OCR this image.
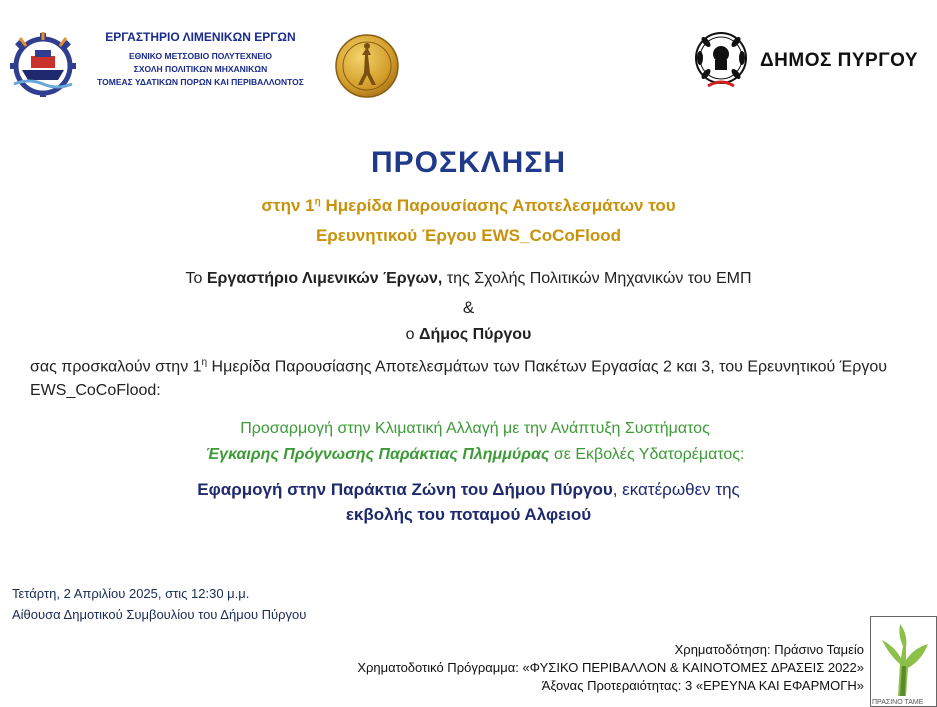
ΕΡΓΑΣΤΗΡΙΟ ΛΙΜΕΝΙΚΩΝ ΕΡΓΩΝ
ΕΘΝΙΚΟ ΜΕΤΣΟΒΙΟ ΠΟΛΥΤΕΧΝΕΙΟ
ΣΧΟΛΗ ΠΟΛΙΤΙΚΩΝ ΜΗΧΑΝΙΚΩΝ
ΤΟΜΕΑΣ ΥΔΑΤΙΚΩΝ ΠΟΡΩΝ ΚΑΙ ΠΕΡΙΒΑΛΛΟΝΤΟΣ
ΔΗΜΟΣ ΠΥΡΓΟΥ
ΠΡΟΣΚΛΗΣΗ
στην $1^\eta$ Ημερίδα Παρουσίασης Αποτελεσμάτων του
Ερευνητικού Έργου EWS_CoCoFlood
Το Εργαστήριο Λιμενικών Έργων, της Σχολής Πολιτικών Μηχανικών του ΕΜΠ
&
ο Δήμος Πύργου
σας προσκαλούν στην $1^\eta$ Ημερίδα Παρουσίασης Αποτελεσμάτων των Πακέτων Εργασίας 2 και 3, του Ερευνητικού Έργου EWS_CoCoFlood:
Προσαρμογή στην Κλιματική Αλλαγή με την Ανάπτυξη Συστήματος
Έγκαιρης Πρόγνωσης Παράκτιας Πλημμύρας σε Εκβολές Υδατορέματος:
Εφαρμογή στην Παράκτια Ζώνη του Δήμου Πύργου, εκατέρωθεν της
εκβολής του ποταμού Αλφειού
Τετάρτη, 2 Απριλίου 2025, στις 12:30 μ.μ.
Αίθουσα Δημοτικού Συμβουλίου του Δήμου Πύργου
Χρηματοδότηση: Πράσινο Ταμείο
Χρηματοδοτικό Πρόγραμμα: «ΦΥΣΙΚΟ ΠΕΡΙΒΑΛΛΟΝ & ΚΑΙΝΟΤΟΜΕΣ ΔΡΑΣΕΙΣ 2022»
Άξονας Προτεραιότητας: 3 «ΕΡΕΥΝΑ ΚΑΙ ΕΦΑΡΜΟΓΗ»
ΠΡΑΣΙΝΟ ΤΑΜΕ
